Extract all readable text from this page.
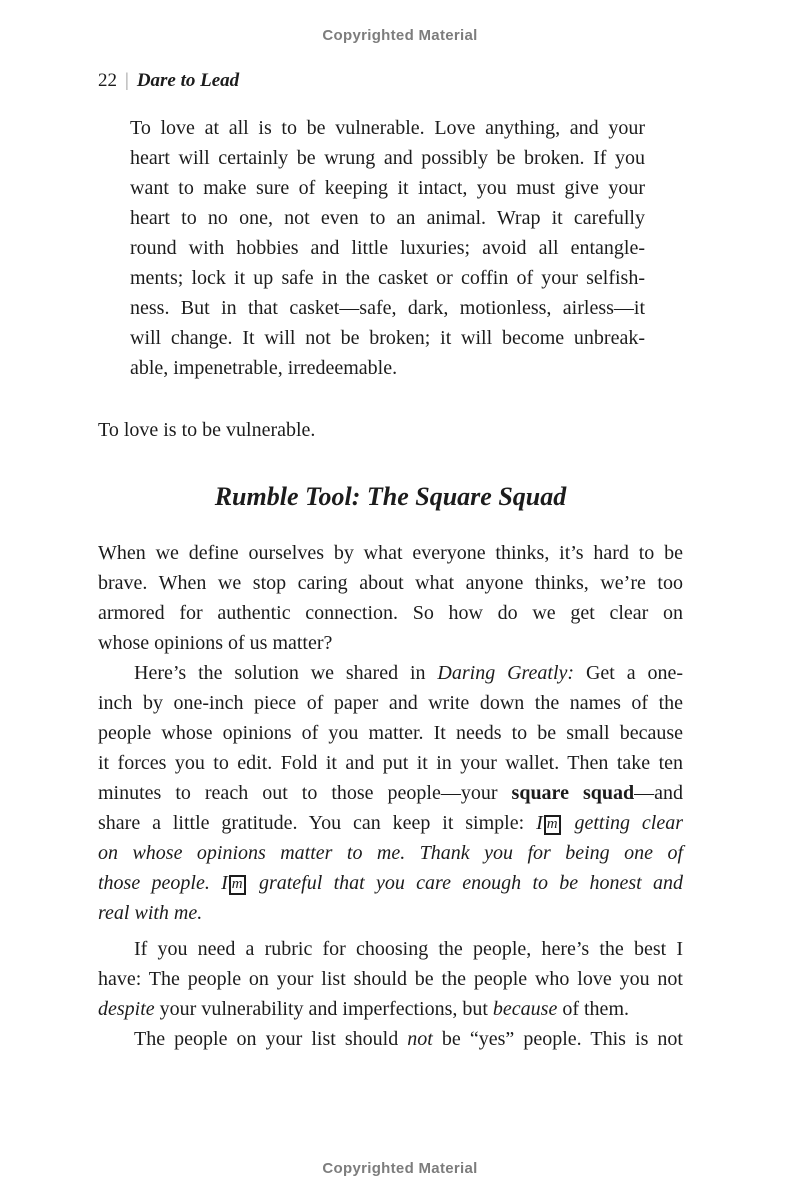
Copyrighted Material
22 | Dare to Lead
To love at all is to be vulnerable. Love anything, and your
heart will certainly be wrung and possibly be broken. If you
want to make sure of keeping it intact, you must give your
heart to no one, not even to an animal. Wrap it carefully
round with hobbies and little luxuries; avoid all entangle-
ments; lock it up safe in the casket or coffin of your selfish-
ness. But in that casket—safe, dark, motionless, airless—it
will change. It will not be broken; it will become unbreak-
able, impenetrable, irredeemable.
To love is to be vulnerable.
Rumble Tool: The Square Squad
When we define ourselves by what everyone thinks, it’s hard to be
brave. When we stop caring about what anyone thinks, we’re too
armored for authentic connection. So how do we get clear on
whose opinions of us matter?
Here’s the solution we shared in Daring Greatly: Get a one-
inch by one-inch piece of paper and write down the names of the
people whose opinions of you matter. It needs to be small because
it forces you to edit. Fold it and put it in your wallet. Then take ten
minutes to reach out to those people—your square squad—and
share a little gratitude. You can keep it simple: I m getting clear
on whose opinions matter to me. Thank you for being one of
those people. I m grateful that you care enough to be honest and
real with me.
If you need a rubric for choosing the people, here’s the best I
have: The people on your list should be the people who love you not
despite your vulnerability and imperfections, but because of them.
The people on your list should not be “yes” people. This is not
Copyrighted Material
